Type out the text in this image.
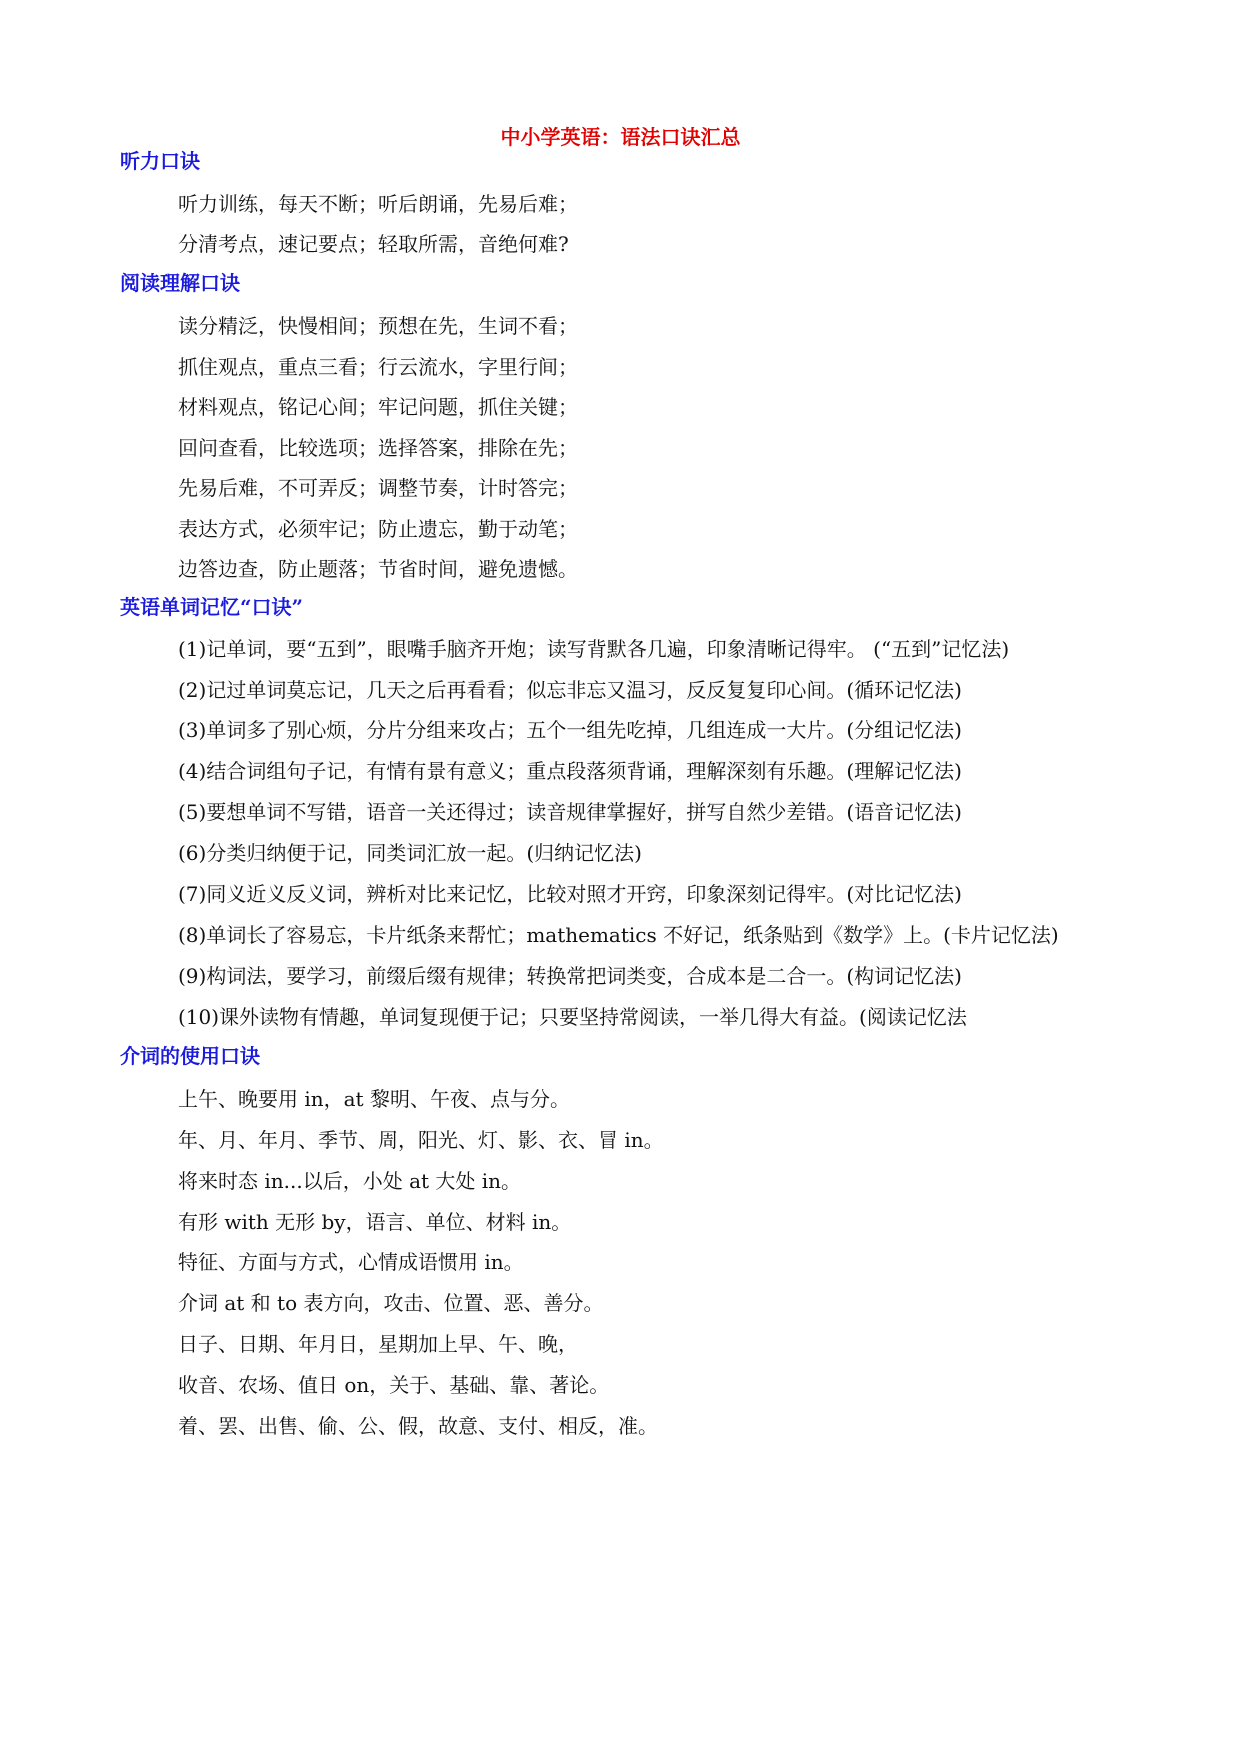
中小学英语：语法口诀汇总
听力口诀
听力训练，每天不断；听后朗诵，先易后难；
分清考点，速记要点；轻取所需，音绝何难?
阅读理解口诀
读分精泛，快慢相间；预想在先，生词不看；
抓住观点，重点三看；行云流水，字里行间；
材料观点，铭记心间；牢记问题，抓住关键；
回问查看，比较选项；选择答案，排除在先；
先易后难，不可弄反；调整节奏，计时答完；
表达方式，必须牢记；防止遗忘，勤于动笔；
边答边查，防止题落；节省时间，避免遗憾。
英语单词记忆“口诀”
(1)记单词，要“五到”，眼嘴手脑齐开炮；读写背默各几遍，印象清晰记得牢。 (“五到”记忆法)
(2)记过单词莫忘记，几天之后再看看；似忘非忘又温习，反反复复印心间。(循环记忆法)
(3)单词多了别心烦，分片分组来攻占；五个一组先吃掉，几组连成一大片。(分组记忆法)
(4)结合词组句子记，有情有景有意义；重点段落须背诵，理解深刻有乐趣。(理解记忆法)
(5)要想单词不写错，语音一关还得过；读音规律掌握好，拼写自然少差错。(语音记忆法)
(6)分类归纳便于记，同类词汇放一起。(归纳记忆法)
(7)同义近义反义词，辨析对比来记忆，比较对照才开窍，印象深刻记得牢。(对比记忆法)
(8)单词长了容易忘，卡片纸条来帮忙；mathematics 不好记，纸条贴到《数学》上。(卡片记忆法)
(9)构词法，要学习，前缀后缀有规律；转换常把词类变，合成本是二合一。(构词记忆法)
(10)课外读物有情趣，单词复现便于记；只要坚持常阅读，一举几得大有益。(阅读记忆法
介词的使用口诀
上午、晚要用 in，at 黎明、午夜、点与分。
年、月、年月、季节、周，阳光、灯、影、衣、冒 in。
将来时态 in...以后，小处 at 大处 in。
有形 with 无形 by，语言、单位、材料 in。
特征、方面与方式，心情成语惯用 in。
介词 at 和 to 表方向，攻击、位置、恶、善分。
日子、日期、年月日，星期加上早、午、晚，
收音、农场、值日 on，关于、基础、靠、著论。
着、罢、出售、偷、公、假，故意、支付、相反，准。
